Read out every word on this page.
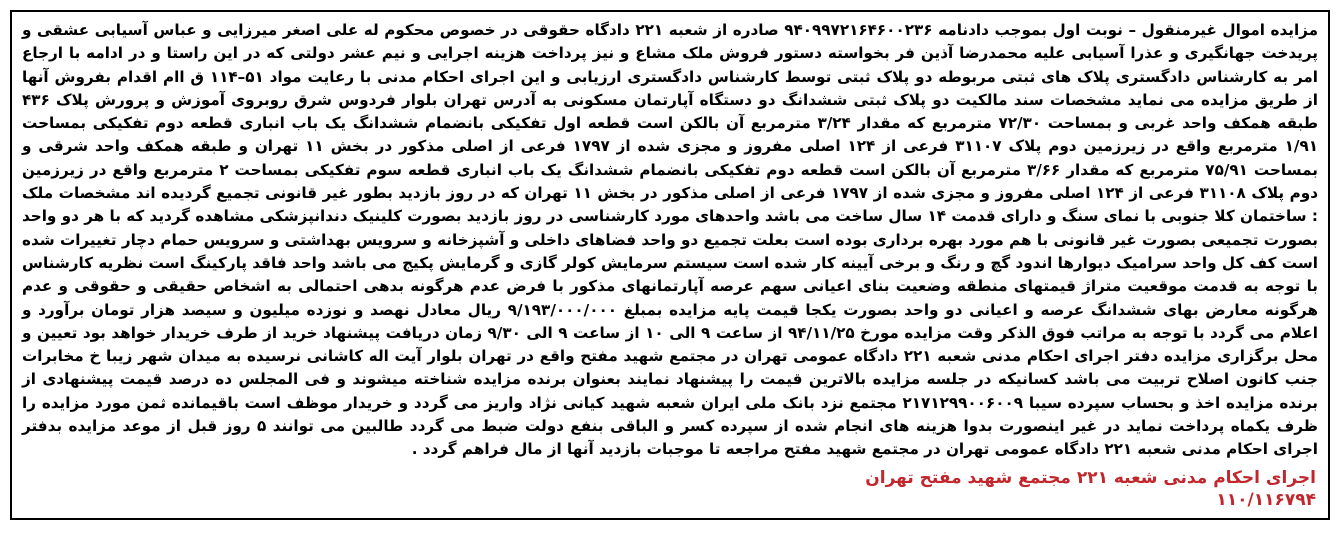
مزایده اموال غیرمنقول – نوبت اول بموجب دادنامه ۹۴۰۹۹۷۲۱۶۴۶۰۰۲۳۶ صادره از شعبه ۲۲۱ دادگاه حقوقی در خصوص محکوم له علی اصغر میرزایی و عباس آسیابی عشقی و پریدخت جهانگیری و عذرا آسیابی علیه محمدرضا آذین فر بخواسته دستور فروش ملک مشاع و نیز پرداخت هزینه اجرایی و نیم عشر دولتی که در این راستا و در ادامه با ارجاع امر به کارشناس دادگستری پلاک های ثبتی مربوطه دو پلاک ثبتی توسط کارشناس دادگستری ارزیابی و این اجرای احکام مدنی با رعایت مواد ۵۱–۱۱۴ ق اام اقدام بفروش آنها از طریق مزایده می نماید مشخصات سند مالکیت دو پلاک ثبتی ششدانگ دو دستگاه آپارتمان مسکونی به آدرس تهران بلوار فردوس شرق روبروی آموزش و پرورش پلاک ۴۳۶ طبقه همکف واحد غربی و بمساحت ۷۲/۳۰ مترمربع که مقدار ۳/۲۴ مترمربع آن بالکن است قطعه اول تفکیکی بانضمام ششدانگ یک باب انباری قطعه دوم تفکیکی بمساحت ۱/۹۱ مترمربع واقع در زیرزمین دوم پلاک ۳۱۱۰۷ فرعی از ۱۲۴ اصلی مفروز و مجزی شده از ۱۷۹۷ فرعی از اصلی مذکور در بخش ۱۱ تهران و طبقه همکف واحد شرقی و بمساحت ۷۵/۹۱ مترمربع که مقدار ۳/۶۶ مترمربع آن بالکن است قطعه دوم تفکیکی بانضمام ششدانگ یک باب انباری قطعه سوم تفکیکی بمساحت ۲ مترمربع واقع در زیرزمین دوم پلاک ۳۱۱۰۸ فرعی از ۱۲۴ اصلی مفروز و مجزی شده از ۱۷۹۷ فرعی از اصلی مذکور در بخش ۱۱ تهران که در روز بازدید بطور غیر قانونی تجمیع گردیده اند مشخصات ملک : ساختمان کلا جنوبی با نمای سنگ و دارای قدمت ۱۴ سال ساخت می باشد واحدهای مورد کارشناسی در روز بازدید بصورت کلینیک دندانپزشکی مشاهده گردید که با هر دو واحد بصورت تجمیعی بصورت غیر قانونی با هم مورد بهره برداری بوده است بعلت تجمیع دو واحد فضاهای داخلی و آشپزخانه و سرویس بهداشتی و سرویس حمام دچار تغییرات شده است کف کل واحد سرامیک دیوارها اندود گچ و رنگ و برخی آیینه کار شده است سیستم سرمایش کولر گازی و گرمایش پکیج می باشد واحد فاقد پارکینگ است نظریه کارشناس با توجه به قدمت موقعیت متراژ قیمتهای منطقه وضعیت بنای اعیانی سهم عرصه آپارتمانهای مذکور با فرض عدم هرگونه بدهی احتمالی به اشخاص حقیقی و حقوقی و عدم هرگونه معارض بهای ششدانگ عرصه و اعیانی دو واحد بصورت یکجا قیمت پایه مزایده بمبلغ ۹/۱۹۳/۰۰۰/۰۰۰ ریال معادل نهصد و نوزده میلیون و سیصد هزار تومان برآورد و اعلام می گردد با توجه به مراتب فوق الذکر وقت مزایده مورخ ۹۴/۱۱/۲۵ از ساعت ۹ الی ۱۰ از ساعت ۹ الی ۹/۳۰ زمان دریافت پیشنهاد خرید از طرف خریدار خواهد بود تعیین و محل برگزاری مزایده دفتر اجرای احکام مدنی شعبه ۲۲۱ دادگاه عمومی تهران در مجتمع شهید مفتح واقع در تهران بلوار آیت اله کاشانی نرسیده به میدان شهر زیبا خ مخابرات جنب کانون اصلاح تربیت می باشد کسانیکه در جلسه مزایده بالاترین قیمت را پیشنهاد نمایند بعنوان برنده مزایده شناخته میشوند و فی المجلس ده درصد قیمت پیشنهادی از برنده مزایده اخذ و بحساب سپرده سیبا ۲۱۷۱۲۹۹۰۰۶۰۰۹ مجتمع نزد بانک ملی ایران شعبه شهید کیانی نژاد واریز می گردد و خریدار موظف است باقیمانده ثمن مورد مزایده را ظرف یکماه پرداخت نماید در غیر اینصورت بدوا هزینه های انجام شده از سپرده کسر و الباقی بنفع دولت ضبط می گردد طالبین می توانند ۵ روز قبل از موعد مزایده بدفتر اجرای احکام مدنی شعبه ۲۲۱ دادگاه عمومی تهران در مجتمع شهید مفتح مراجعه تا موجبات بازدید آنها از مال فراهم گردد .

اجرای احکام مدنی شعبه ۲۲۱ مجتمع شهید مفتح تهران
۱۱۰/۱۱۶۷۹۴
